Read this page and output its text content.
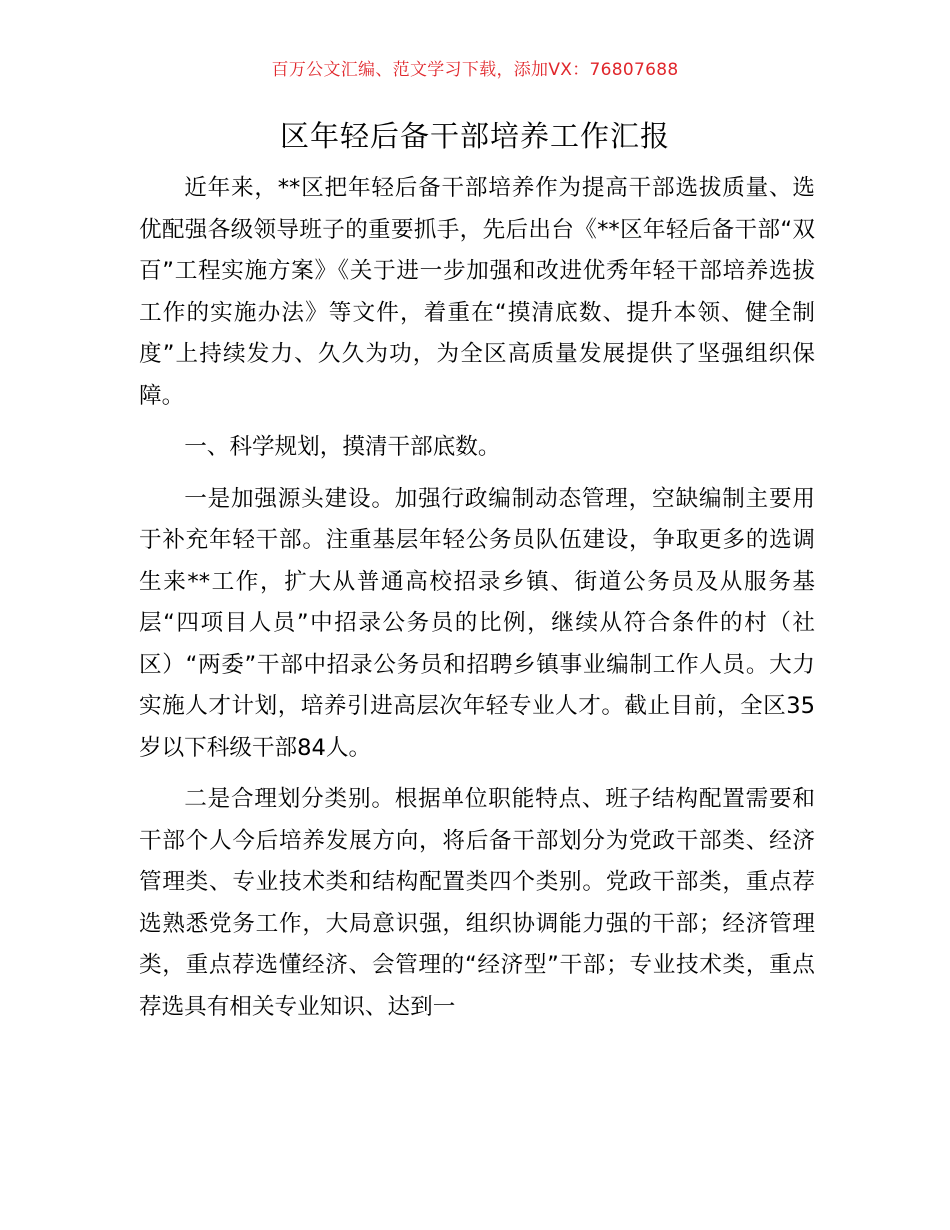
百万公文汇编、范文学习下载，添加VX：76807688
区年轻后备干部培养工作汇报

近年来，**区把年轻后备干部培养作为提高干部选拔质量、选优配强各级领导班子的重要抓手，先后出台《**区年轻后备干部“双百”工程实施方案》《关于进一步加强和改进优秀年轻干部培养选拔工作的实施办法》等文件，着重在“摸清底数、提升本领、健全制度”上持续发力、久久为功，为全区高质量发展提供了坚强组织保障。

一、科学规划，摸清干部底数。

一是加强源头建设。加强行政编制动态管理，空缺编制主要用于补充年轻干部。注重基层年轻公务员队伍建设，争取更多的选调生来**工作，扩大从普通高校招录乡镇、街道公务员及从服务基层“四项目人员”中招录公务员的比例，继续从符合条件的村（社区）“两委”干部中招录公务员和招聘乡镇事业编制工作人员。大力实施人才计划，培养引进高层次年轻专业人才。截止目前，全区35岁以下科级干部84人。

二是合理划分类别。根据单位职能特点、班子结构配置需要和干部个人今后培养发展方向，将后备干部划分为党政干部类、经济管理类、专业技术类和结构配置类四个类别。党政干部类，重点荐选熟悉党务工作，大局意识强，组织协调能力强的干部；经济管理类，重点荐选懂经济、会管理的“经济型”干部；专业技术类，重点荐选具有相关专业知识、达到一
